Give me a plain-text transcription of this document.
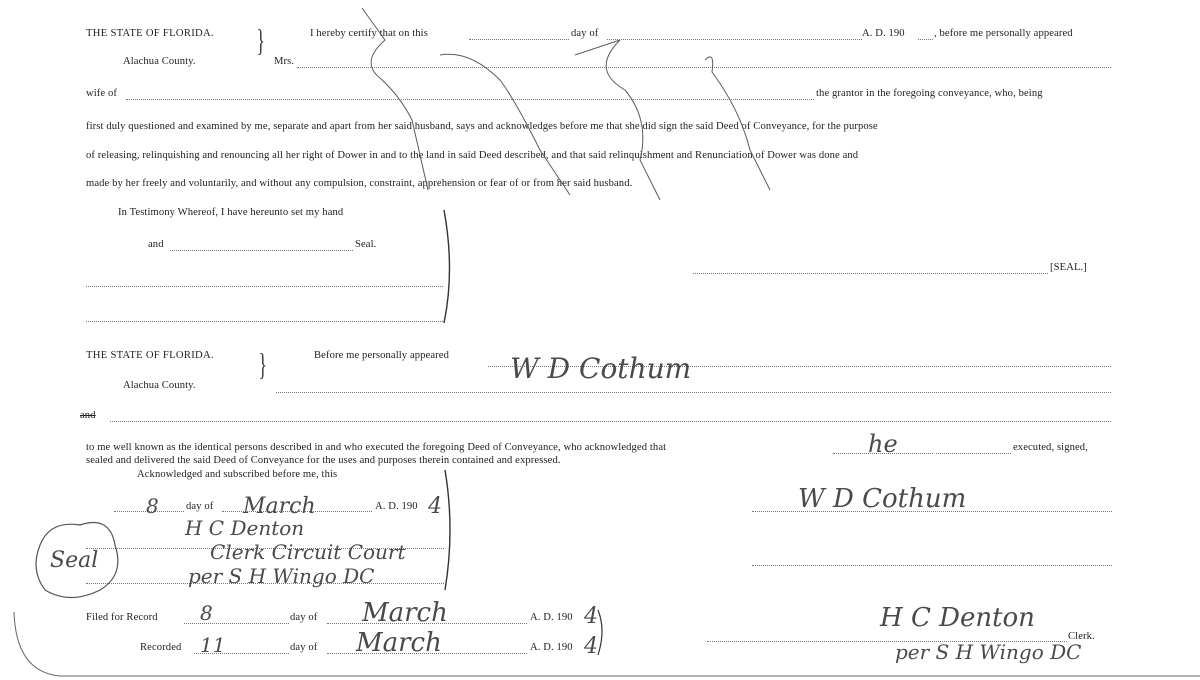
THE STATE OF FLORIDA. }
Alachua County.
I hereby certify that on this	day of	A. D. 190	, before me personally appeared
Mrs.
wife of	the grantor in the foregoing conveyance, who, being
first duly questioned and examined by me, separate and apart from her said husband, says and acknowledges before me that she did sign the said Deed of Conveyance, for the purpose
of releasing, relinquishing and renouncing all her right of Dower in and to the land in said Deed described, and that said relinquishment and Renunciation of Dower was done and
made by her freely and voluntarily, and without any compulsion, constraint, apprehension or fear of or from her said husband.
In Testimony Whereof, I have hereunto set my hand
and	Seal.
[SEAL.]
THE STATE OF FLORIDA. }
Alachua County.
Before me personally appeared
and
to me well known as the identical persons described in and who executed the foregoing Deed of Conveyance, who acknowledged that	executed, signed,
sealed and delivered the said Deed of Conveyance for the uses and purposes therein contained and expressed.
Acknowledged and subscribed before me, this
day of	A. D. 190
Filed for Record	day of	A. D. 190
Recorded	day of	A. D. 190
Clerk.
W D Cothum
he
8	March	4	W D Cothum
H C Denton
Clerk Circuit Court
per S H Wingo DC
Seal
8	March	4
11	March	4
H C Denton
per S H Wingo DC
